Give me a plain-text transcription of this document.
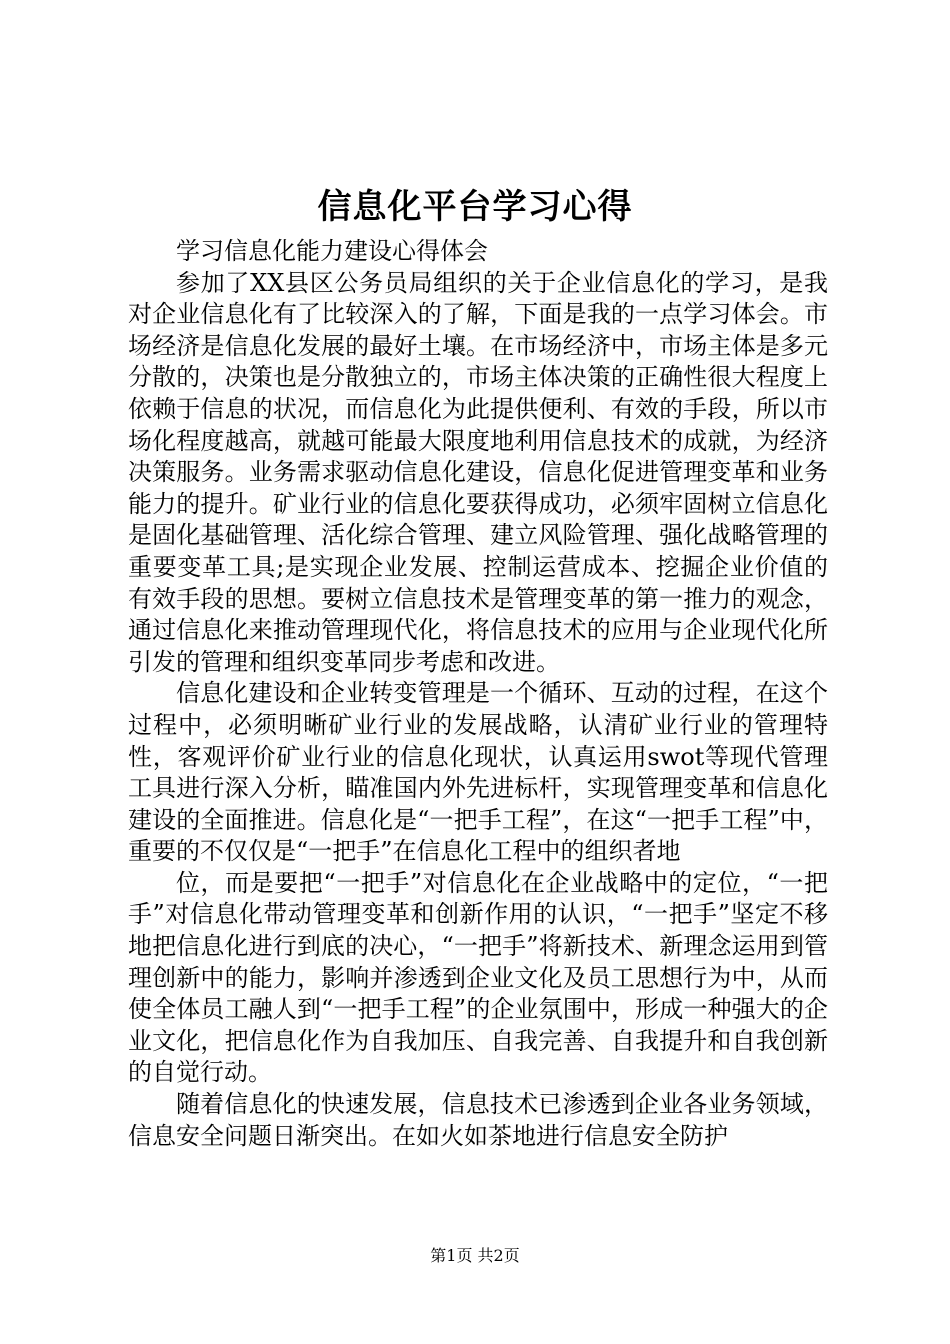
信息化平台学习心得

学习信息化能力建设心得体会

参加了XX县区公务员局组织的关于企业信息化的学习，是我对企业信息化有了比较深入的了解，下面是我的一点学习体会。市场经济是信息化发展的最好土壤。在市场经济中，市场主体是多元分散的，决策也是分散独立的，市场主体决策的正确性很大程度上依赖于信息的状况，而信息化为此提供便利、有效的手段，所以市场化程度越高，就越可能最大限度地利用信息技术的成就，为经济决策服务。业务需求驱动信息化建设，信息化促进管理变革和业务能力的提升。矿业行业的信息化要获得成功，必须牢固树立信息化是固化基础管理、活化综合管理、建立风险管理、强化战略管理的重要变革工具;是实现企业发展、控制运营成本、挖掘企业价值的有效手段的思想。要树立信息技术是管理变革的第一推力的观念，通过信息化来推动管理现代化，将信息技术的应用与企业现代化所引发的管理和组织变革同步考虑和改进。

信息化建设和企业转变管理是一个循环、互动的过程，在这个过程中，必须明晰矿业行业的发展战略，认清矿业行业的管理特性，客观评价矿业行业的信息化现状，认真运用swot等现代管理工具进行深入分析，瞄准国内外先进标杆，实现管理变革和信息化建设的全面推进。信息化是“一把手工程”，在这“一把手工程”中，重要的不仅仅是“一把手”在信息化工程中的组织者地

位，而是要把“一把手”对信息化在企业战略中的定位，“一把手”对信息化带动管理变革和创新作用的认识，“一把手”坚定不移地把信息化进行到底的决心，“一把手”将新技术、新理念运用到管理创新中的能力，影响并渗透到企业文化及员工思想行为中，从而使全体员工融人到“一把手工程”的企业氛围中，形成一种强大的企业文化，把信息化作为自我加压、自我完善、自我提升和自我创新的自觉行动。

随着信息化的快速发展，信息技术已渗透到企业各业务领域，信息安全问题日渐突出。在如火如茶地进行信息安全防护

第1页 共2页
